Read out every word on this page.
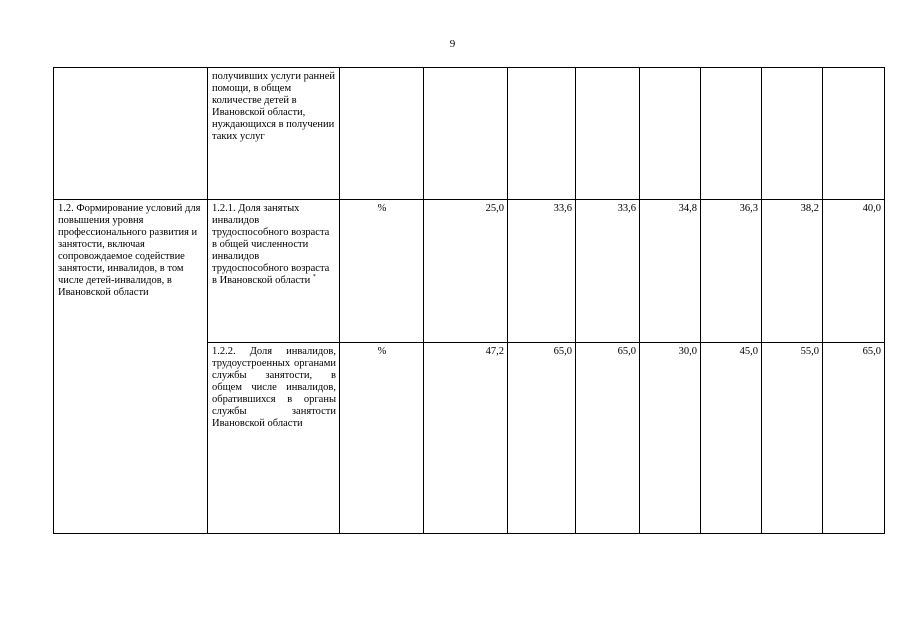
9
	получивших услуги ранней помощи, в общем количестве детей в Ивановской области, нуждающихся в получении таких услуг								
1.2. Формирование условий для повышения уровня профессионального развития и занятости, включая сопровождаемое содействие занятости, инвалидов, в том числе детей-инвалидов, в Ивановской области	1.2.1. Доля занятых инвалидов трудоспособного возраста в общей численности инвалидов трудоспособного возраста в Ивановской области *	%	25,0	33,6	33,6	34,8	36,3	38,2	40,0
	1.2.2. Доля инвалидов, трудоустроенных органами службы занятости, в общем числе инвалидов, обратившихся в органы службы занятости Ивановской области	%	47,2	65,0	65,0	30,0	45,0	55,0	65,0
